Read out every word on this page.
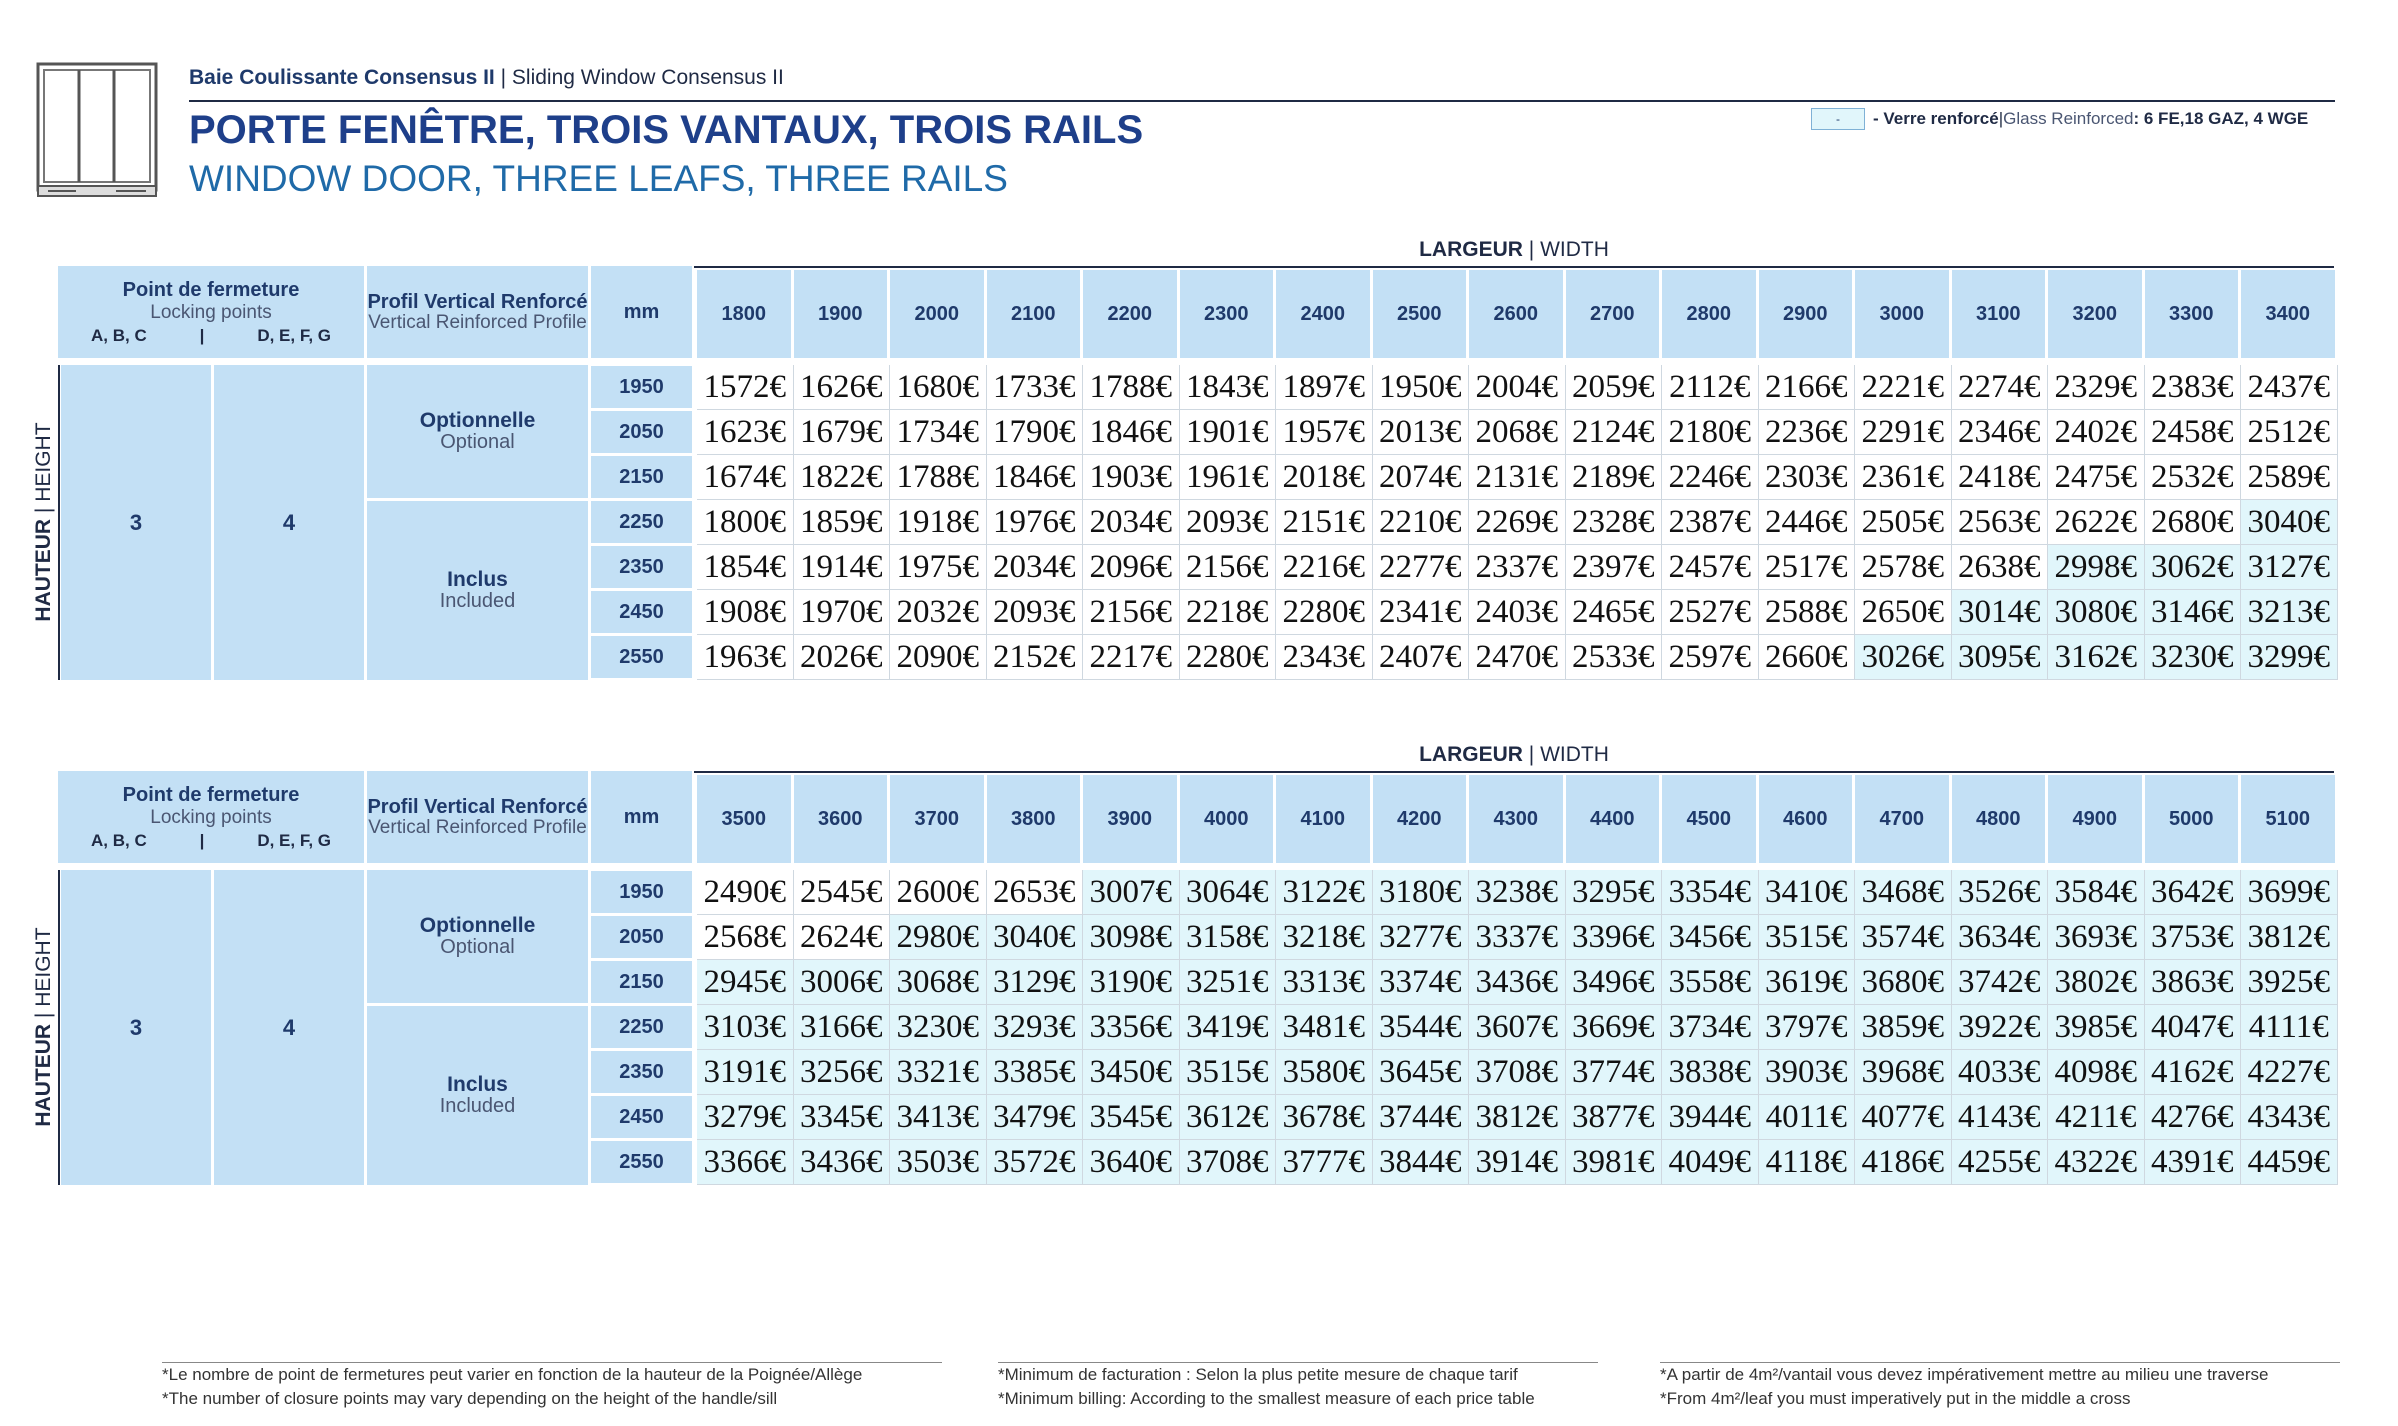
Baie Coulissante Consensus II | Sliding Window Consensus II
PORTE FENÊTRE, TROIS VANTAUX, TROIS RAILS
WINDOW DOOR, THREE LEAFS, THREE RAILS
-	- Verre renforcé | Glass Reinforced : 6 FE,18 GAZ, 4 WGE
LARGEUR | WIDTH
Point de fermeture
Locking points
A, B, C	|	D, E, F, G
Profil Vertical Renforcé
Vertical Reinforced Profile mm	1800	1900	2000	2100	2200	2300	2400	2500	2600	2700	2800	2900	3000	3100	3200	3300	3400
3	4
Optionnelle
Optional
Inclus
Included
HAUTEUR | HEIGHT
1950	1572€ 1626€ 1680€ 1733€ 1788€ 1843€ 1897€ 1950€ 2004€ 2059€ 2112€ 2166€ 2221€ 2274€ 2329€ 2383€ 2437€
2050	1623€ 1679€ 1734€ 1790€ 1846€ 1901€ 1957€ 2013€ 2068€ 2124€ 2180€ 2236€ 2291€ 2346€ 2402€ 2458€ 2512€
2150	1674€ 1822€ 1788€ 1846€ 1903€ 1961€ 2018€ 2074€ 2131€ 2189€ 2246€ 2303€ 2361€ 2418€ 2475€ 2532€ 2589€
2250	1800€ 1859€ 1918€ 1976€ 2034€ 2093€ 2151€ 2210€ 2269€ 2328€ 2387€ 2446€ 2505€ 2563€ 2622€ 2680€ 3040€
2350	1854€ 1914€ 1975€ 2034€ 2096€ 2156€ 2216€ 2277€ 2337€ 2397€ 2457€ 2517€ 2578€ 2638€ 2998€ 3062€ 3127€
2450	1908€ 1970€ 2032€ 2093€ 2156€ 2218€ 2280€ 2341€ 2403€ 2465€ 2527€ 2588€ 2650€ 3014€ 3080€ 3146€ 3213€
2550	1963€ 2026€ 2090€ 2152€ 2217€ 2280€ 2343€ 2407€ 2470€ 2533€ 2597€ 2660€ 3026€ 3095€ 3162€ 3230€ 3299€
LARGEUR | WIDTH
Point de fermeture
Locking points
A, B, C	|	D, E, F, G
Profil Vertical Renforcé
Vertical Reinforced Profile mm	3500	3600	3700	3800	3900	4000	4100	4200	4300	4400	4500	4600	4700	4800	4900	5000	5100
3	4
Optionnelle
Optional
Inclus
Included
HAUTEUR | HEIGHT
1950	2490€ 2545€ 2600€ 2653€ 3007€ 3064€ 3122€ 3180€ 3238€ 3295€ 3354€ 3410€ 3468€ 3526€ 3584€ 3642€ 3699€
2050	2568€ 2624€ 2980€ 3040€ 3098€ 3158€ 3218€ 3277€ 3337€ 3396€ 3456€ 3515€ 3574€ 3634€ 3693€ 3753€ 3812€
2150	2945€ 3006€ 3068€ 3129€ 3190€ 3251€ 3313€ 3374€ 3436€ 3496€ 3558€ 3619€ 3680€ 3742€ 3802€ 3863€ 3925€
2250	3103€ 3166€ 3230€ 3293€ 3356€ 3419€ 3481€ 3544€ 3607€ 3669€ 3734€ 3797€ 3859€ 3922€ 3985€ 4047€ 4111€
2350	3191€ 3256€ 3321€ 3385€ 3450€ 3515€ 3580€ 3645€ 3708€ 3774€ 3838€ 3903€ 3968€ 4033€ 4098€ 4162€ 4227€
2450	3279€ 3345€ 3413€ 3479€ 3545€ 3612€ 3678€ 3744€ 3812€ 3877€ 3944€ 4011€ 4077€ 4143€ 4211€ 4276€ 4343€
2550	3366€ 3436€ 3503€ 3572€ 3640€ 3708€ 3777€ 3844€ 3914€ 3981€ 4049€ 4118€ 4186€ 4255€ 4322€ 4391€ 4459€
*Le nombre de point de fermetures peut varier en fonction de la hauteur de la Poignée/Allège
*The number of closure points may vary depending on the height of the handle/sill
*Minimum de facturation : Selon la plus petite mesure de chaque tarif
*Minimum billing: According to the smallest measure of each price table
*A partir de 4m²/vantail vous devez impérativement mettre au milieu une traverse
*From 4m²/leaf you must imperatively put in the middle a cross
